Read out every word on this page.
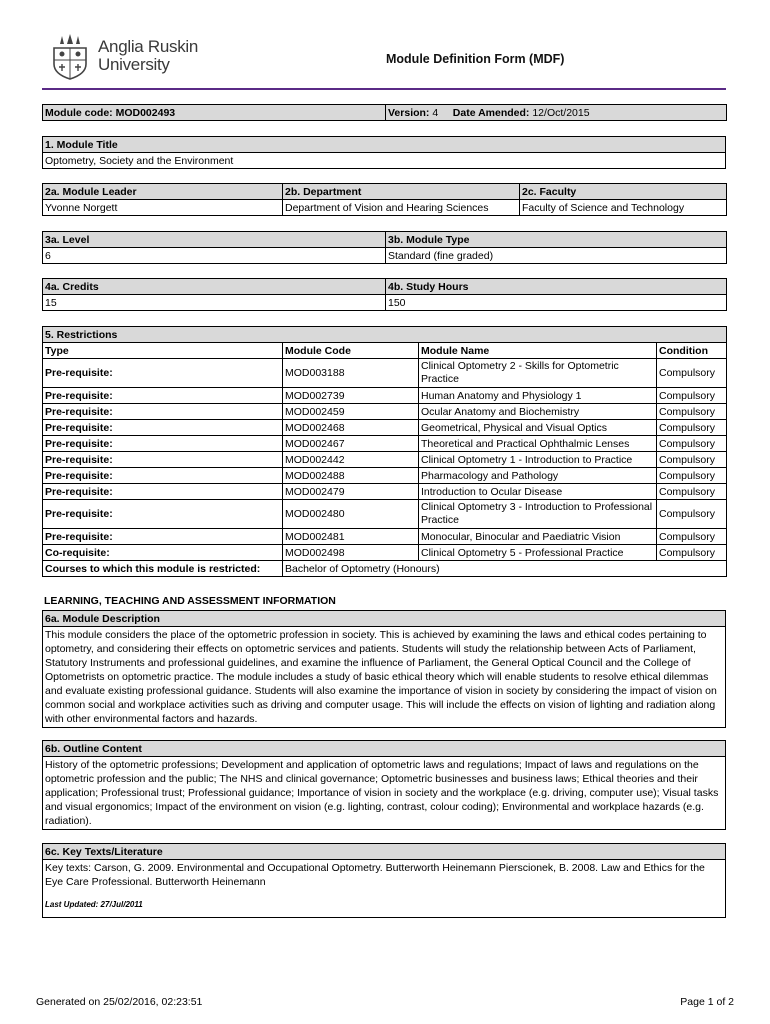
Anglia Ruskin
University	Module Definition Form (MDF)
Module code: MOD002493	Version: 4 Date Amended: 12/Oct/2015
1. Module Title
Optometry, Society and the Environment
2a. Module Leader	2b. Department	2c. Faculty
Yvonne Norgett	Department of Vision and Hearing Sciences	Faculty of Science and Technology
3a. Level	3b. Module Type
6	Standard (fine graded)
4a. Credits	4b. Study Hours
15	150
5. Restrictions			
Type	Module Code	Module Name	Condition
Pre-requisite:	MOD003188	Clinical Optometry 2 - Skills for Optometric Practice	Compulsory
Pre-requisite:	MOD002739	Human Anatomy and Physiology 1	Compulsory
Pre-requisite:	MOD002459	Ocular Anatomy and Biochemistry	Compulsory
Pre-requisite:	MOD002468	Geometrical, Physical and Visual Optics	Compulsory
Pre-requisite:	MOD002467	Theoretical and Practical Ophthalmic Lenses	Compulsory
Pre-requisite:	MOD002442	Clinical Optometry 1 - Introduction to Practice	Compulsory
Pre-requisite:	MOD002488	Pharmacology and Pathology	Compulsory
Pre-requisite:	MOD002479	Introduction to Ocular Disease	Compulsory
Pre-requisite:	MOD002480	Clinical Optometry 3 - Introduction to Professional Practice	Compulsory
Pre-requisite:	MOD002481	Monocular, Binocular and Paediatric Vision	Compulsory
Co-requisite:	MOD002498	Clinical Optometry 5 - Professional Practice	Compulsory
Courses to which this module is restricted:	Bachelor of Optometry (Honours)		
LEARNING, TEACHING AND ASSESSMENT INFORMATION
6a. Module Description
This module considers the place of the optometric profession in society. This is achieved by examining the laws and ethical codes pertaining to optometry, and considering their effects on optometric services and patients. Students will study the relationship between Acts of Parliament, Statutory Instruments and professional guidelines, and examine the influence of Parliament, the General Optical Council and the College of Optometrists on optometric practice. The module includes a study of basic ethical theory which will enable students to resolve ethical dilemmas and evaluate existing professional guidance. Students will also examine the importance of vision in society by considering the impact of vision on common social and workplace activities such as driving and computer usage. This will include the effects on vision of lighting and radiation along with other environmental factors and hazards.
6b. Outline Content
History of the optometric professions; Development and application of optometric laws and regulations; Impact of laws and regulations on the optometric profession and the public; The NHS and clinical governance; Optometric businesses and business laws; Ethical theories and their application; Professional trust; Professional guidance; Importance of vision in society and the workplace (e.g. driving, computer use); Visual tasks and visual ergonomics; Impact of the environment on vision (e.g. lighting, contrast, colour coding); Environmental and workplace hazards (e.g. radiation).
6c. Key Texts/Literature
Key texts: Carson, G. 2009. Environmental and Occupational Optometry. Butterworth Heinemann Pierscionek, B. 2008. Law and Ethics for the Eye Care Professional. Butterworth Heinemann
Last Updated: 27/Jul/2011
Generated on 25/02/2016, 02:23:51	Page 1 of 2
